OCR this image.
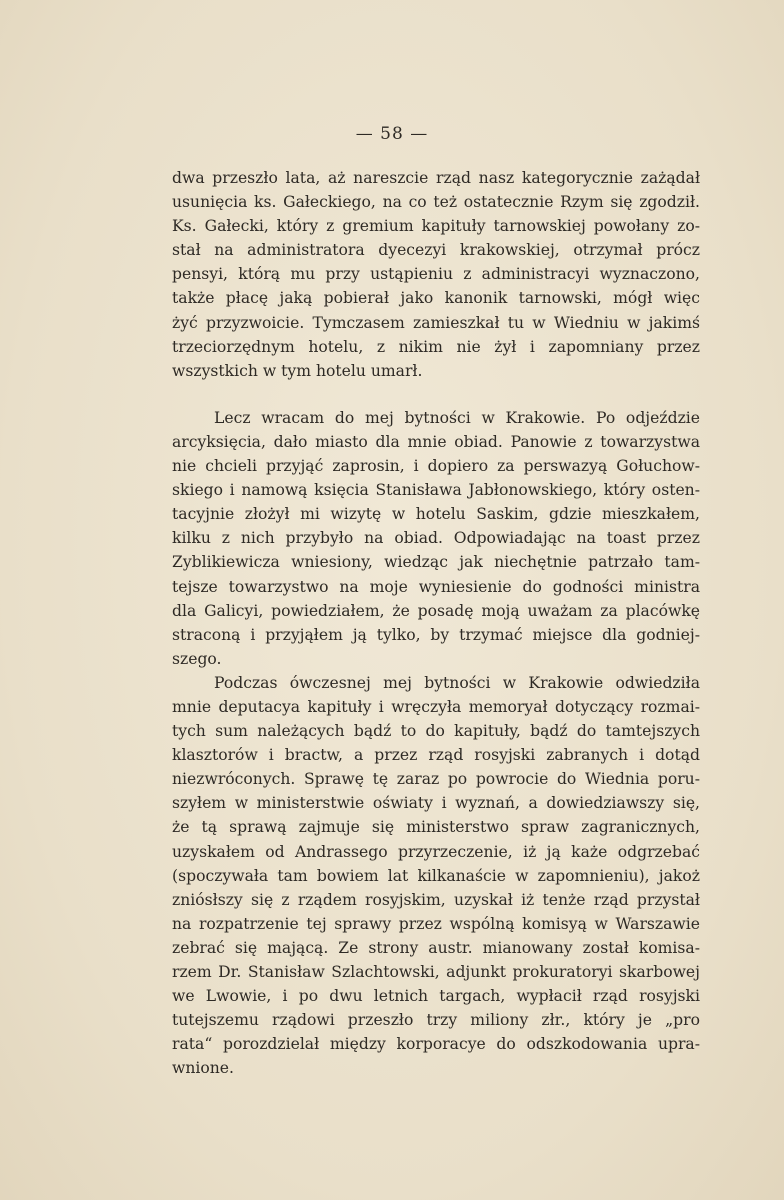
— 58 —
dwa przeszło lata, aż nareszcie rząd nasz kategorycznie zażądał
usunięcia ks. Gałeckiego, na co też ostatecznie Rzym się zgodził.
Ks. Gałecki, który z gremium kapituły tarnowskiej powołany zo-
stał na administratora dyecezyi krakowskiej, otrzymał prócz
pensyi, którą mu przy ustąpieniu z administracyi wyznaczono,
także płacę jaką pobierał jako kanonik tarnowski, mógł więc
żyć przyzwoicie. Tymczasem zamieszkał tu w Wiedniu w jakimś
trzeciorzędnym hotelu, z nikim nie żył i zapomniany przez
wszystkich w tym hotelu umarł.
Lecz wracam do mej bytności w Krakowie. Po odjeździe
arcyksięcia, dało miasto dla mnie obiad. Panowie z towarzystwa
nie chcieli przyjąć zaprosin, i dopiero za perswazyą Gołuchow-
skiego i namową księcia Stanisława Jabłonowskiego, który osten-
tacyjnie złożył mi wizytę w hotelu Saskim, gdzie mieszkałem,
kilku z nich przybyło na obiad. Odpowiadając na toast przez
Zyblikiewicza wniesiony, wiedząc jak niechętnie patrzało tam-
tejsze towarzystwo na moje wyniesienie do godności ministra
dla Galicyi, powiedziałem, że posadę moją uważam za placówkę
straconą i przyjąłem ją tylko, by trzymać miejsce dla godniej-
szego.
Podczas ówczesnej mej bytności w Krakowie odwiedziła
mnie deputacya kapituły i wręczyła memoryał dotyczący rozmai-
tych sum należących bądź to do kapituły, bądź do tamtejszych
klasztorów i bractw, a przez rząd rosyjski zabranych i dotąd
niezwróconych. Sprawę tę zaraz po powrocie do Wiednia poru-
szyłem w ministerstwie oświaty i wyznań, a dowiedziawszy się,
że tą sprawą zajmuje się ministerstwo spraw zagranicznych,
uzyskałem od Andrassego przyrzeczenie, iż ją każe odgrzebać
(spoczywała tam bowiem lat kilkanaście w zapomnieniu), jakoż
zniósłszy się z rządem rosyjskim, uzyskał iż tenże rząd przystał
na rozpatrzenie tej sprawy przez wspólną komisyą w Warszawie
zebrać się mającą. Ze strony austr. mianowany został komisa-
rzem Dr. Stanisław Szlachtowski, adjunkt prokuratoryi skarbowej
we Lwowie, i po dwu letnich targach, wypłacił rząd rosyjski
tutejszemu rządowi przeszło trzy miliony złr., który je „pro
rata“ porozdzielał między korporacye do odszkodowania upra-
wnione.
